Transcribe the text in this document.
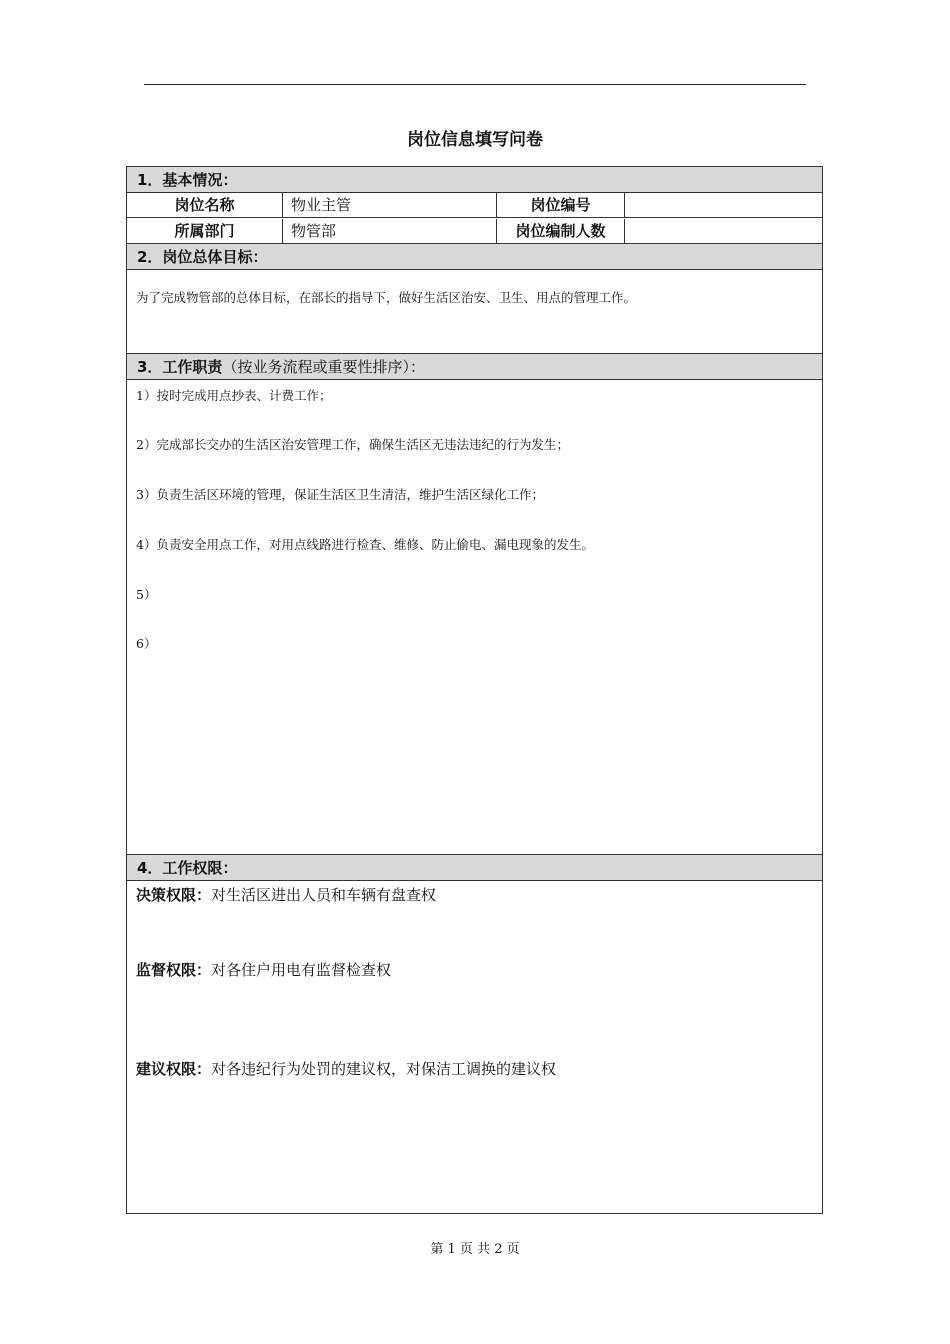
岗位信息填写问卷
1．基本情况：
岗位名称	物业主管	岗位编号
所属部门	物管部	岗位编制人数
2．岗位总体目标：
为了完成物管部的总体目标，在部长的指导下，做好生活区治安、卫生、用点的管理工作。
3．工作职责（按业务流程或重要性排序）：
1）按时完成用点抄表、计费工作；
2）完成部长交办的生活区治安管理工作，确保生活区无违法违纪的行为发生；
3）负责生活区环境的管理，保证生活区卫生清洁，维护生活区绿化工作；
4）负责安全用点工作，对用点线路进行检查、维修、防止偷电、漏电现象的发生。
5）
6）
4．工作权限：
决策权限：对生活区进出人员和车辆有盘查权
监督权限：对各住户用电有监督检查权
建议权限：对各违纪行为处罚的建议权，对保洁工调换的建议权
第 1 页 共 2 页
